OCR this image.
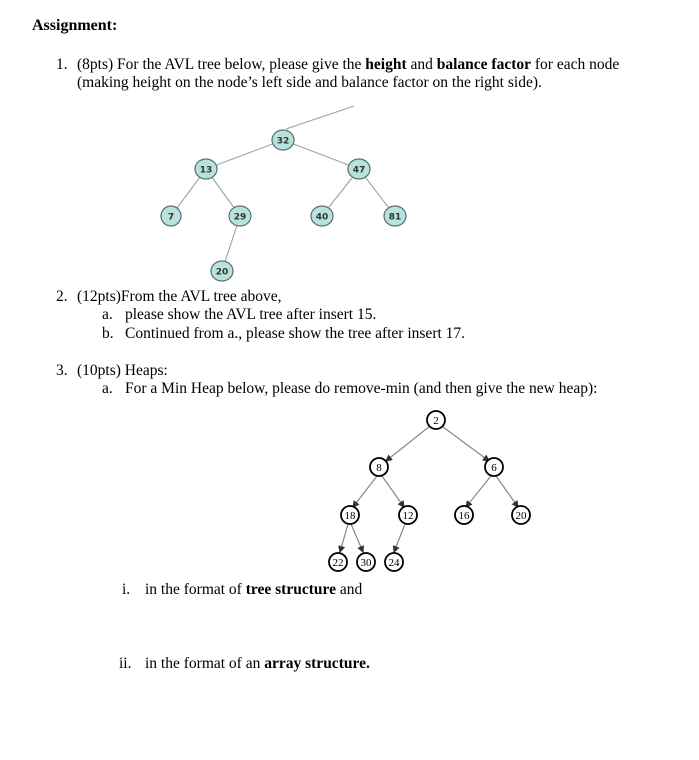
Assignment:
1. (8pts) For the AVL tree below, please give the height and balance factor for each node
(making height on the node’s left side and balance factor on the right side).
32
13	47
7	29	40	81
20
2
8	6
18	12	16	20
22 30 24
2. (12pts)From the AVL tree above,
a. please show the AVL tree after insert 15.
b. Continued from a., please show the tree after insert 17.
3. (10pts) Heaps:
a. For a Min Heap below, please do remove-min (and then give the new heap):
i. in the format of tree structure and
ii. in the format of an array structure.
